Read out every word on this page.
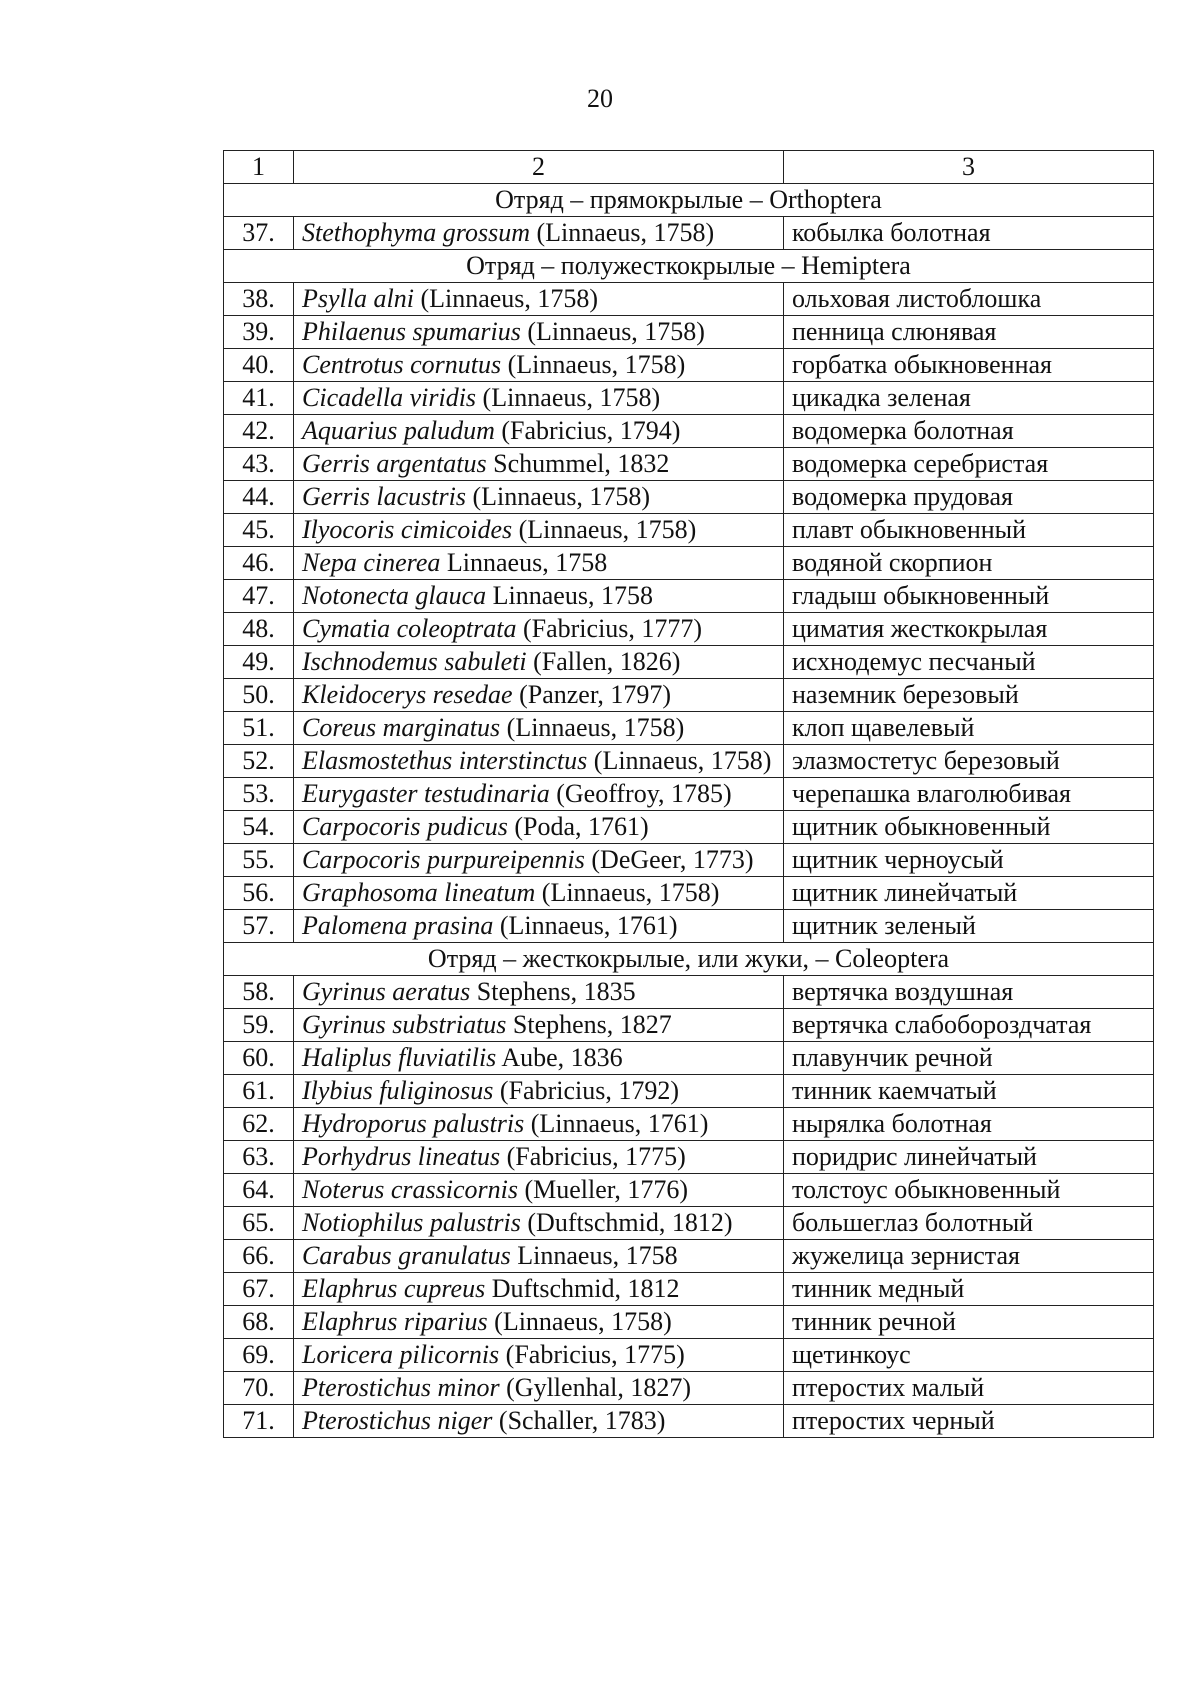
20
1	2	3
Отряд – прямокрылые – Orthoptera		
37.	Stethophyma grossum (Linnaeus, 1758)	кобылка болотная
Отряд – полужесткокрылые – Hemiptera		
38.	Psylla alni (Linnaeus, 1758)	ольховая листоблошка
39.	Philaenus spumarius (Linnaeus, 1758)	пенница слюнявая
40.	Centrotus cornutus (Linnaeus, 1758)	горбатка обыкновенная
41.	Cicadella viridis (Linnaeus, 1758)	цикадка зеленая
42.	Aquarius paludum (Fabricius, 1794)	водомерка болотная
43.	Gerris argentatus Schummel, 1832	водомерка серебристая
44.	Gerris lacustris (Linnaeus, 1758)	водомерка прудовая
45.	Ilyocoris cimicoides (Linnaeus, 1758)	плавт обыкновенный
46.	Nepa cinerea Linnaeus, 1758	водяной скорпион
47.	Notonecta glauca Linnaeus, 1758	гладыш обыкновенный
48.	Cymatia coleoptrata (Fabricius, 1777)	циматия жесткокрылая
49.	Ischnodemus sabuleti (Fallen, 1826)	исхнодемус песчаный
50.	Kleidocerys resedae (Panzer, 1797)	наземник березовый
51.	Coreus marginatus (Linnaeus, 1758)	клоп щавелевый
52.	Elasmostethus interstinctus (Linnaeus, 1758)	элазмостетус березовый
53.	Eurygaster testudinaria (Geoffroy, 1785)	черепашка влаголюбивая
54.	Carpocoris pudicus (Poda, 1761)	щитник обыкновенный
55.	Carpocoris purpureipennis (DeGeer, 1773)	щитник черноусый
56.	Graphosoma lineatum (Linnaeus, 1758)	щитник линейчатый
57.	Palomena prasina (Linnaeus, 1761)	щитник зеленый
Отряд – жесткокрылые, или жуки, – Coleoptera		
58.	Gyrinus aeratus Stephens, 1835	вертячка воздушная
59.	Gyrinus substriatus Stephens, 1827	вертячка слабобороздчатая
60.	Haliplus fluviatilis Aube, 1836	плавунчик речной
61.	Ilybius fuliginosus (Fabricius, 1792)	тинник каемчатый
62.	Hydroporus palustris (Linnaeus, 1761)	нырялка болотная
63.	Porhydrus lineatus (Fabricius, 1775)	поридрис линейчатый
64.	Noterus crassicornis (Mueller, 1776)	толстоус обыкновенный
65.	Notiophilus palustris (Duftschmid, 1812)	большеглаз болотный
66.	Carabus granulatus Linnaeus, 1758	жужелица зернистая
67.	Elaphrus cupreus Duftschmid, 1812	тинник медный
68.	Elaphrus riparius (Linnaeus, 1758)	тинник речной
69.	Loricera pilicornis (Fabricius, 1775)	щетинкоус
70.	Pterostichus minor (Gyllenhal, 1827)	птеростих малый
71.	Pterostichus niger (Schaller, 1783)	птеростих черный
